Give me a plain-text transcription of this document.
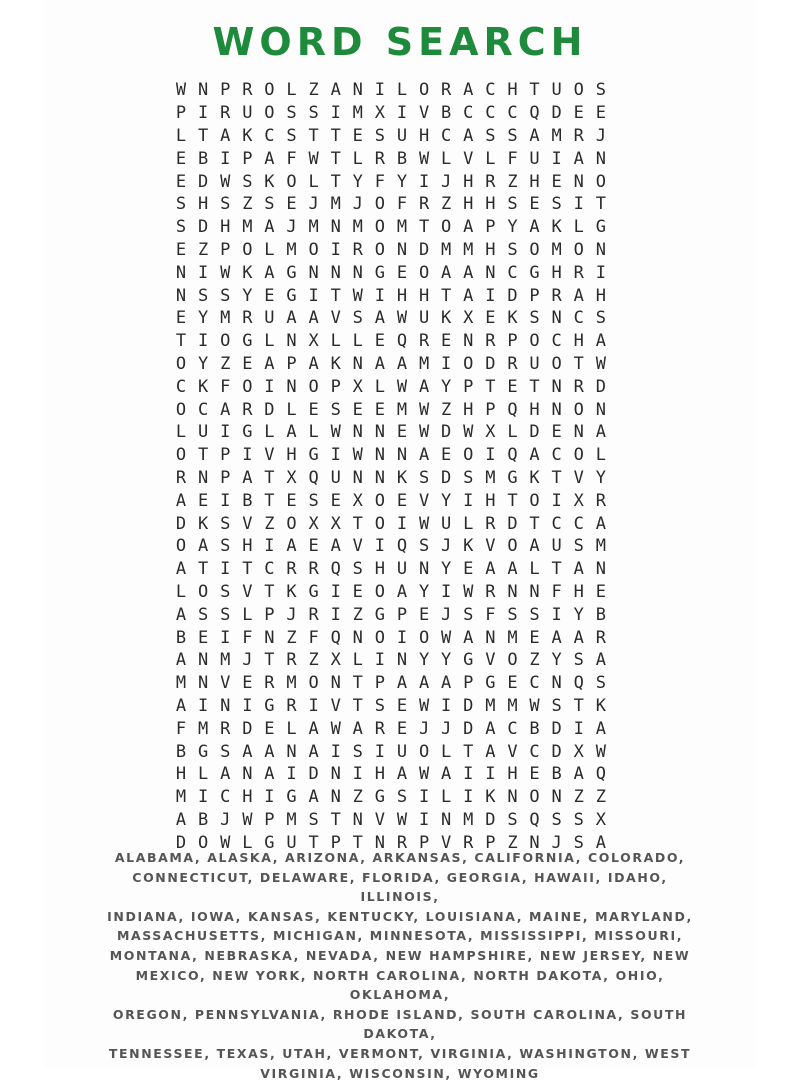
WORD SEARCH
W N P R O L Z A N I L O R A C H T U O S
P I R U O S S I M X I V B C C C Q D E E
L T A K C S T T E S U H C A S S A M R J
E B I P A F W T L R B W L V L F U I A N
E D W S K O L T Y F Y I J H R Z H E N O
S H S Z S E J M J O F R Z H H S E S I T
S D H M A J M N M O M T O A P Y A K L G
E Z P O L M O I R O N D M M H S O M O N
N I W K A G N N N G E O A A N C G H R I
N S S Y E G I T W I H H T A I D P R A H
E Y M R U A A V S A W U K X E K S N C S
T I O G L N X L L E Q R E N R P O C H A
O Y Z E A P A K N A A M I O D R U O T W
C K F O I N O P X L W A Y P T E T N R D
O C A R D L E S E E M W Z H P Q H N O N
L U I G L A L W N N E W D W X L D E N A
O T P I V H G I W N N A E O I Q A C O L
R N P A T X Q U N N K S D S M G K T V Y
A E I B T E S E X O E V Y I H T O I X R
D K S V Z O X X T O I W U L R D T C C A
O A S H I A E A V I Q S J K V O A U S M
A T I T C R R Q S H U N Y E A A L T A N
L O S V T K G I E O A Y I W R N N F H E
A S S L P J R I Z G P E J S F S S I Y B
B E I F N Z F Q N O I O W A N M E A A R
A N M J T R Z X L I N Y Y G V O Z Y S A
M N V E R M O N T P A A A P G E C N Q S
A I N I G R I V T S E W I D M M W S T K
F M R D E L A W A R E J J D A C B D I A
B G S A A N A I S I U O L T A V C D X W
H L A N A I D N I H A W A I I H E B A Q
M I C H I G A N Z G S I L I K N O N Z Z
A B J W P M S T N V W I N M D S Q S S X
D O W L G U T P T N R P V R P Z N J S A
ALABAMA, ALASKA, ARIZONA, ARKANSAS, CALIFORNIA, COLORADO,
CONNECTICUT, DELAWARE, FLORIDA, GEORGIA, HAWAII, IDAHO, ILLINOIS,
INDIANA, IOWA, KANSAS, KENTUCKY, LOUISIANA, MAINE, MARYLAND,
MASSACHUSETTS, MICHIGAN, MINNESOTA, MISSISSIPPI, MISSOURI,
MONTANA, NEBRASKA, NEVADA, NEW HAMPSHIRE, NEW JERSEY, NEW
MEXICO, NEW YORK, NORTH CAROLINA, NORTH DAKOTA, OHIO, OKLAHOMA,
OREGON, PENNSYLVANIA, RHODE ISLAND, SOUTH CAROLINA, SOUTH DAKOTA,
TENNESSEE, TEXAS, UTAH, VERMONT, VIRGINIA, WASHINGTON, WEST
VIRGINIA, WISCONSIN, WYOMING
